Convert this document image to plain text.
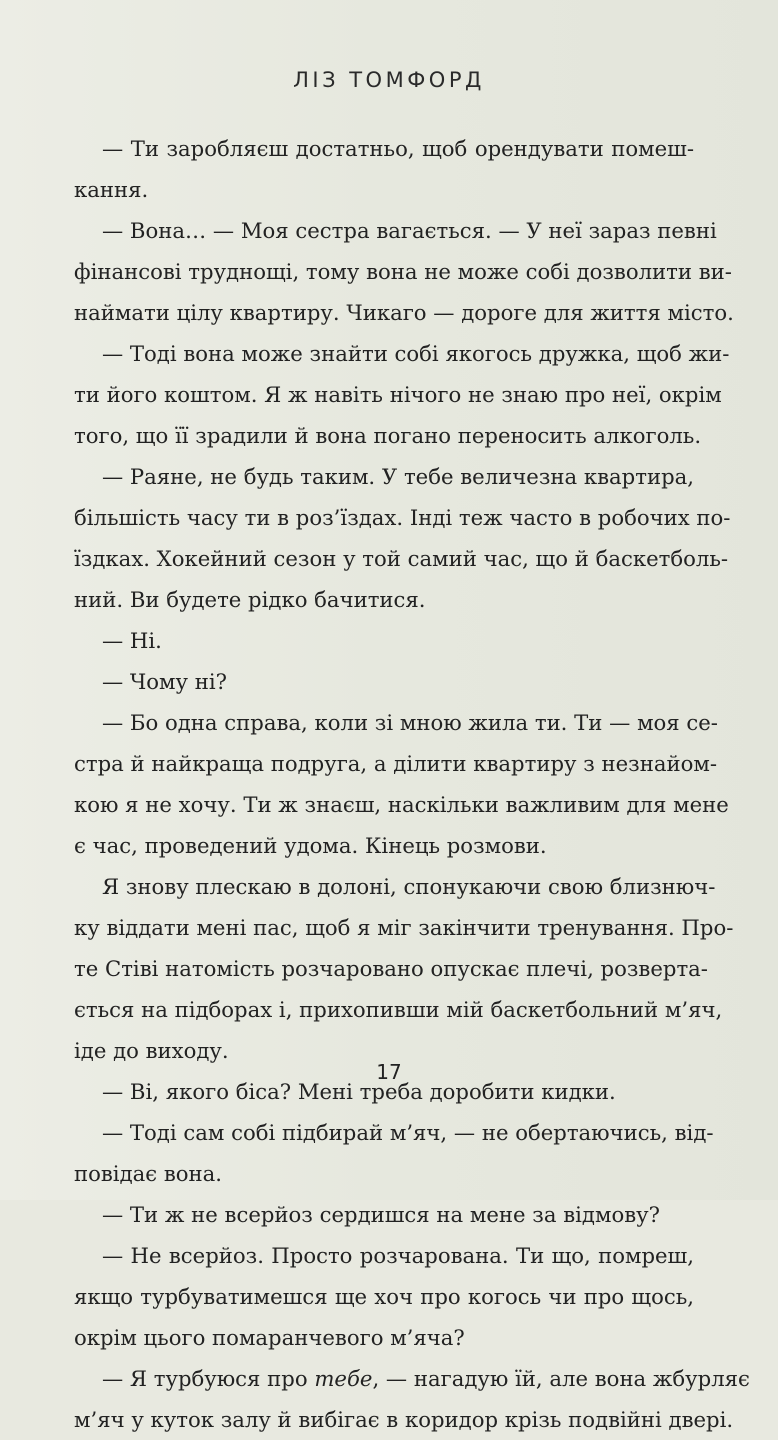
ЛІЗ ТОМФОРД
— Ти заробляєш достатньо, щоб орендувати помеш-
кання.
— Вона… — Моя сестра вагається. — У неї зараз певні
фінансові труднощі, тому вона не може собі дозволити ви-
наймати цілу квартиру. Чикаго — дороге для життя місто.
— Тоді вона може знайти собі якогось дружка, щоб жи-
ти його коштом. Я ж навіть нічого не знаю про неї, окрім
того, що її зрадили й вона погано переносить алкоголь.
— Раяне, не будь таким. У тебе величезна квартира,
більшість часу ти в роз’їздах. Інді теж часто в робочих по-
їздках. Хокейний сезон у той самий час, що й баскетболь-
ний. Ви будете рідко бачитися.
— Ні.
— Чому ні?
— Бо одна справа, коли зі мною жила ти. Ти — моя се-
стра й найкраща подруга, а ділити квартиру з незнайом-
кою я не хочу. Ти ж знаєш, наскільки важливим для мене
є час, проведений удома. Кінець розмови.
Я знову плескаю в долоні, спонукаючи свою близнюч-
ку віддати мені пас, щоб я міг закінчити тренування. Про-
те Стіві натомість розчаровано опускає плечі, розверта-
ється на підборах і, прихопивши мій баскетбольний м’яч,
іде до виходу.
— Ві, якого біса? Мені треба доробити кидки.
— Тоді сам собі підбирай м’яч, — не обертаючись, від-
повідає вона.
— Ти ж не всерйоз сердишся на мене за відмову?
— Не всерйоз. Просто розчарована. Ти що, помреш,
якщо турбуватимешся ще хоч про когось чи про щось,
окрім цього помаранчевого м’яча?
— Я турбуюся про тебе, — нагадую їй, але вона жбурляє
м’яч у куток залу й вибігає в коридор крізь подвійні двері.
17
